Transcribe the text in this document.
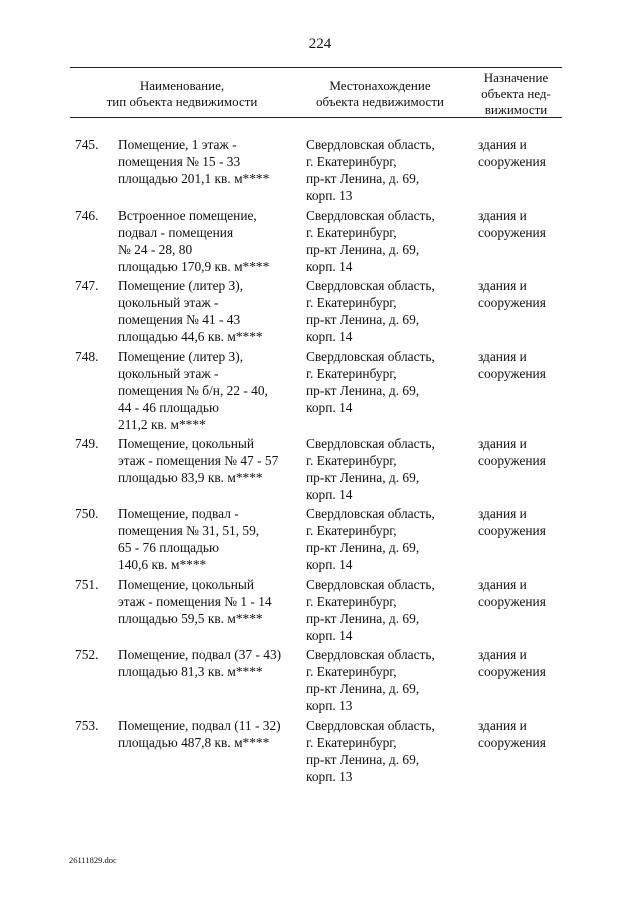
224
Наименование,
тип объекта недвижимости
Местонахождение
объекта недвижимости
Назначение
объекта нед-
вижимости
745. Помещение, 1 этаж -
помещения № 15 - 33
площадью 201,1 кв. м****
Свердловская область,
г. Екатеринбург,
пр-кт Ленина, д. 69,
корп. 13
здания и
сооружения
746. Встроенное помещение,
подвал - помещения
№ 24 - 28, 80
площадью 170,9 кв. м****
Свердловская область,
г. Екатеринбург,
пр-кт Ленина, д. 69,
корп. 14
здания и
сооружения
747. Помещение (литер З),
цокольный этаж -
помещения № 41 - 43
площадью 44,6 кв. м****
Свердловская область,
г. Екатеринбург,
пр-кт Ленина, д. 69,
корп. 14
здания и
сооружения
748. Помещение (литер З),
цокольный этаж -
помещения № б/н, 22 - 40,
44 - 46 площадью
211,2 кв. м****
Свердловская область,
г. Екатеринбург,
пр-кт Ленина, д. 69,
корп. 14
здания и
сооружения
749. Помещение, цокольный
этаж - помещения № 47 - 57
площадью 83,9 кв. м****
Свердловская область,
г. Екатеринбург,
пр-кт Ленина, д. 69,
корп. 14
здания и
сооружения
750. Помещение, подвал -
помещения № 31, 51, 59,
65 - 76 площадью
140,6 кв. м****
Свердловская область,
г. Екатеринбург,
пр-кт Ленина, д. 69,
корп. 14
здания и
сооружения
751. Помещение, цокольный
этаж - помещения № 1 - 14
площадью 59,5 кв. м****
Свердловская область,
г. Екатеринбург,
пр-кт Ленина, д. 69,
корп. 14
здания и
сооружения
752. Помещение, подвал (37 - 43)
площадью 81,3 кв. м****
Свердловская область,
г. Екатеринбург,
пр-кт Ленина, д. 69,
корп. 13
здания и
сооружения
753. Помещение, подвал (11 - 32)
площадью 487,8 кв. м****
Свердловская область,
г. Екатеринбург,
пр-кт Ленина, д. 69,
корп. 13
здания и
сооружения
26111829.doc
